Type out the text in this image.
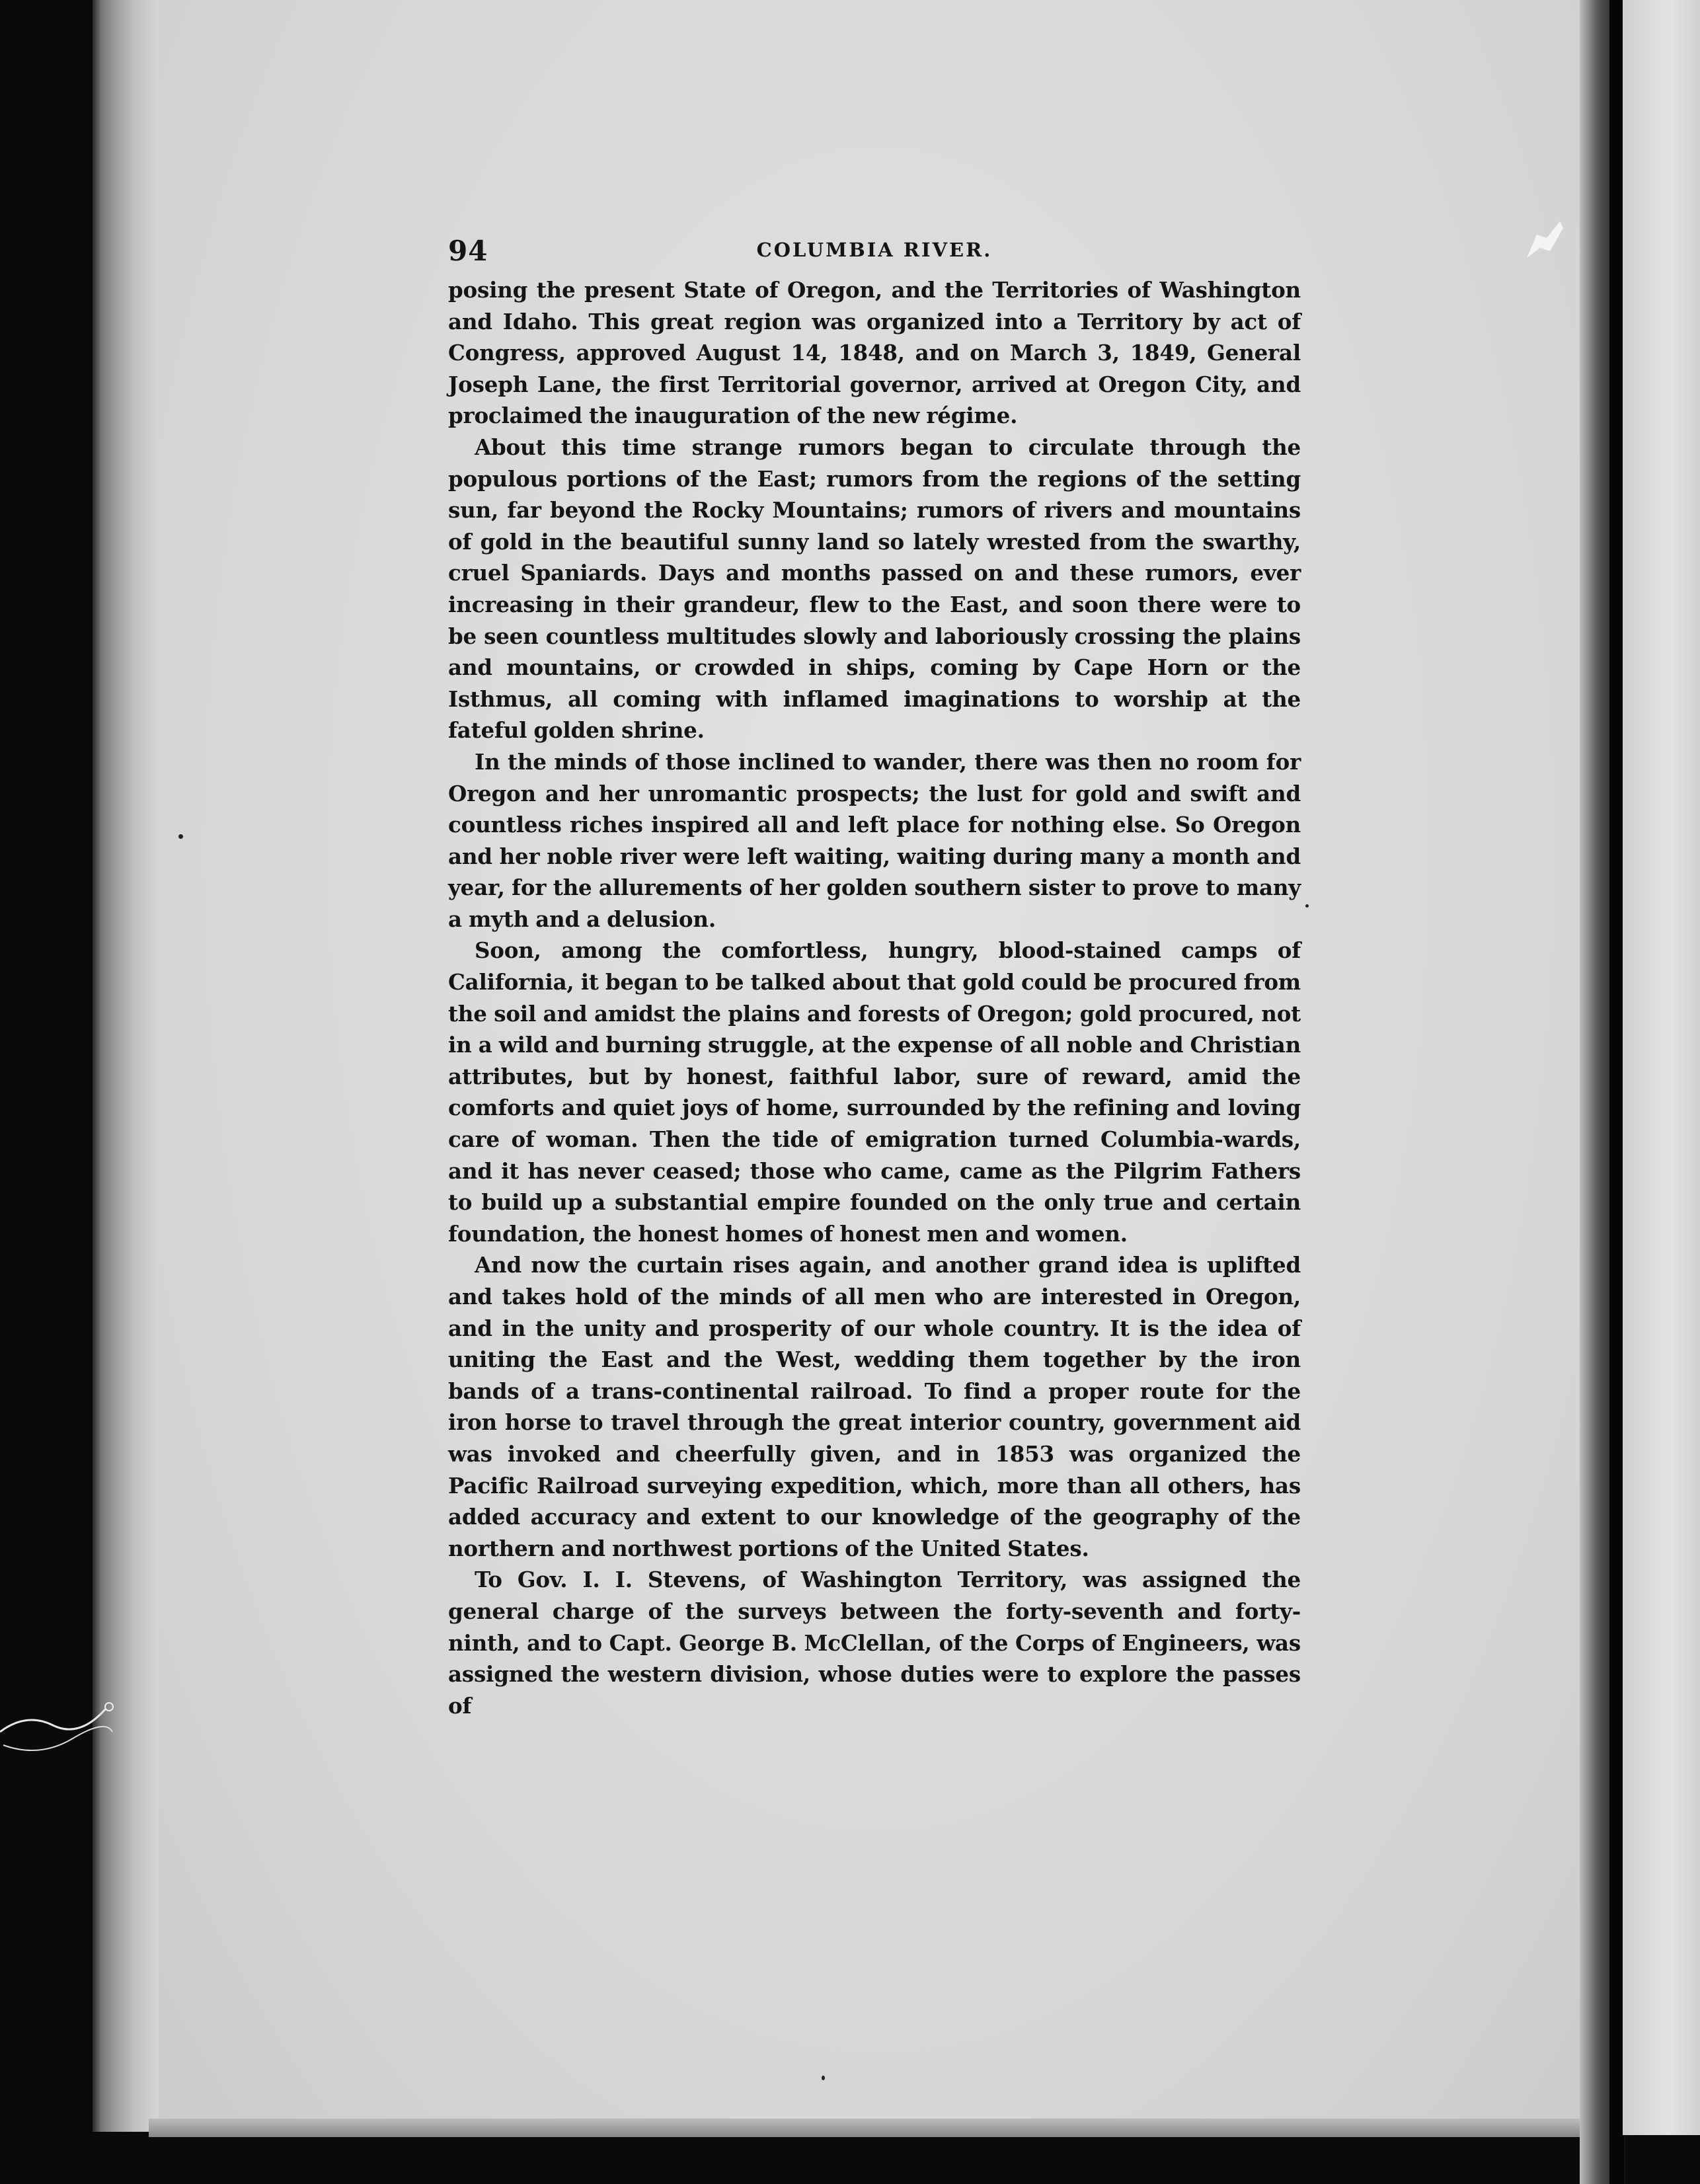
94	COLUMBIA RIVER.

posing the present State of Oregon, and the Territories of Washington and Idaho. This great region was organized into a Territory by act of Congress, approved August 14, 1848, and on March 3, 1849, General Joseph Lane, the first Territorial governor, arrived at Oregon City, and proclaimed the inauguration of the new régime.

About this time strange rumors began to circulate through the populous portions of the East; rumors from the regions of the setting sun, far beyond the Rocky Mountains; rumors of rivers and mountains of gold in the beautiful sunny land so lately wrested from the swarthy, cruel Spaniards. Days and months passed on and these rumors, ever increasing in their grandeur, flew to the East, and soon there were to be seen countless multitudes slowly and laboriously crossing the plains and mountains, or crowded in ships, coming by Cape Horn or the Isthmus, all coming with inflamed imaginations to worship at the fateful golden shrine.

In the minds of those inclined to wander, there was then no room for Oregon and her unromantic prospects; the lust for gold and swift and countless riches inspired all and left place for nothing else. So Oregon and her noble river were left waiting, waiting during many a month and year, for the allurements of her golden southern sister to prove to many a myth and a delusion.

Soon, among the comfortless, hungry, blood-stained camps of California, it began to be talked about that gold could be procured from the soil and amidst the plains and forests of Oregon; gold procured, not in a wild and burning struggle, at the expense of all noble and Christian attributes, but by honest, faithful labor, sure of reward, amid the comforts and quiet joys of home, surrounded by the refining and loving care of woman. Then the tide of emigration turned Columbia-wards, and it has never ceased; those who came, came as the Pilgrim Fathers to build up a substantial empire founded on the only true and certain foundation, the honest homes of honest men and women.

And now the curtain rises again, and another grand idea is uplifted and takes hold of the minds of all men who are interested in Oregon, and in the unity and prosperity of our whole country. It is the idea of uniting the East and the West, wedding them together by the iron bands of a trans-continental railroad. To find a proper route for the iron horse to travel through the great interior country, government aid was invoked and cheerfully given, and in 1853 was organized the Pacific Railroad surveying expedition, which, more than all others, has added accuracy and extent to our knowledge of the geography of the northern and northwest portions of the United States.

To Gov. I. I. Stevens, of Washington Territory, was assigned the general charge of the surveys between the forty-seventh and forty-ninth, and to Capt. George B. McClellan, of the Corps of Engineers, was assigned the western division, whose duties were to explore the passes of
